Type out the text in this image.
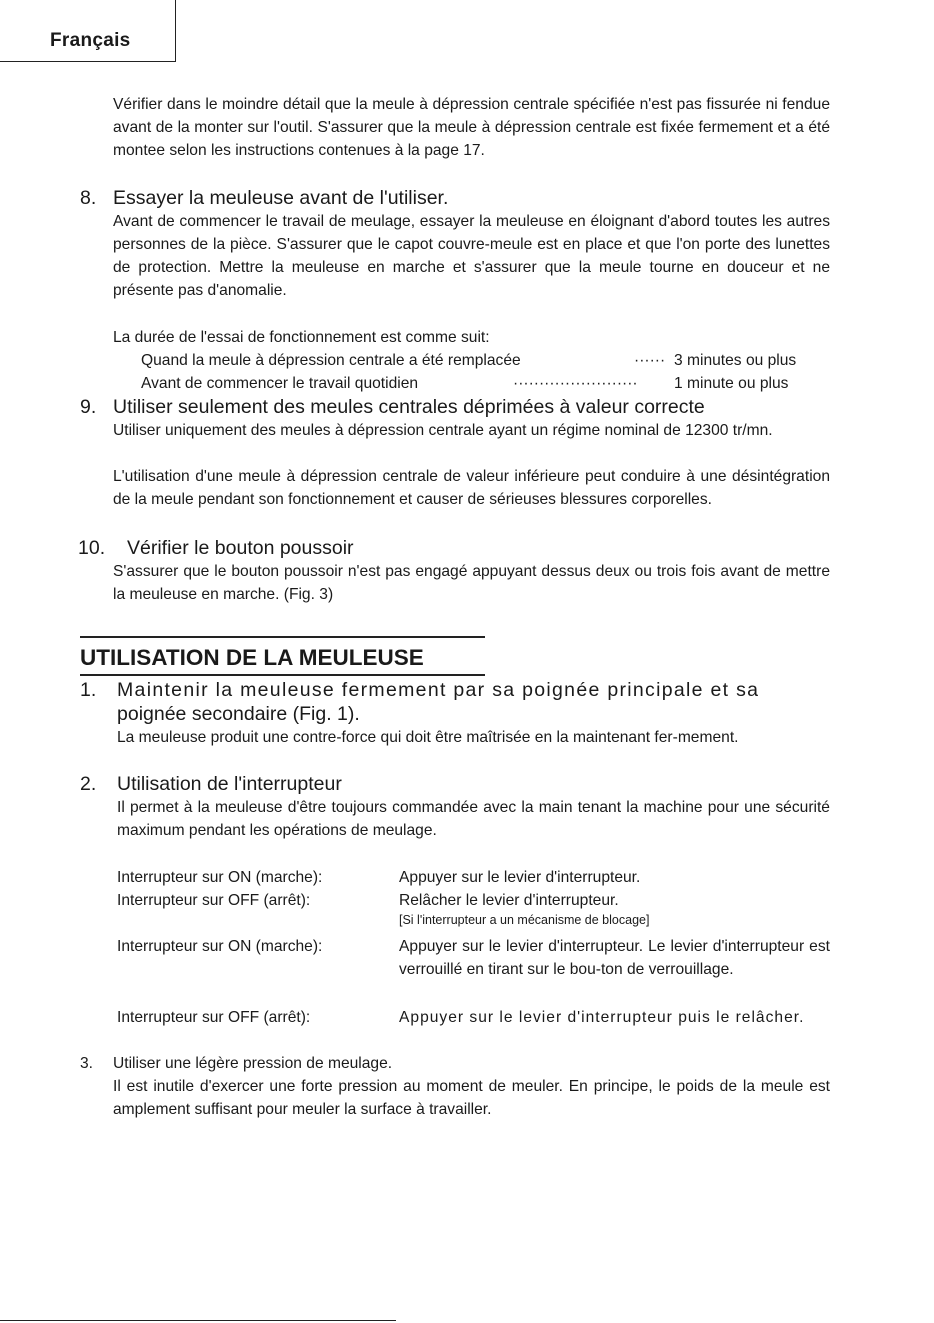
Français

Vérifier dans le moindre détail que la meule à dépression centrale spécifiée n'est pas fissurée ni fendue avant de la monter sur l'outil. S'assurer que la meule à dépression centrale est fixée fermement et a été montee selon les instructions contenues à la page 17.

8. Essayer la meuleuse avant de l'utiliser.

Avant de commencer le travail de meulage, essayer la meuleuse en éloignant d'abord toutes les autres personnes de la pièce. S'assurer que le capot couvre-meule est en place et que l'on porte des lunettes de protection. Mettre la meuleuse en marche et s'assurer que la meule tourne en douceur et ne présente pas d'anomalie.

La durée de l'essai de fonctionnement est comme suit:
Quand la meule à dépression centrale a été remplacée	······ 3 minutes ou plus
Avant de commencer le travail quotidien	························ 1 minute ou plus
9. Utiliser seulement des meules centrales déprimées à valeur correcte

Utiliser uniquement des meules à dépression centrale ayant un régime nominal de 12300 tr/mn.

L'utilisation d'une meule à dépression centrale de valeur inférieure peut conduire à une désintégration de la meule pendant son fonctionnement et causer de sérieuses blessures corporelles.

10. Vérifier le bouton poussoir

S'assurer que le bouton poussoir n'est pas engagé appuyant dessus deux ou trois fois avant de mettre la meuleuse en marche. (Fig. 3)

UTILISATION DE LA MEULEUSE
1. Maintenir la meuleuse fermement par sa poignée principale et sa
poignée secondaire (Fig. 1).

La meuleuse produit une contre-force qui doit être maîtrisée en la maintenant fer-mement.

2. Utilisation de l'interrupteur

Il permet à la meuleuse d'être toujours commandée avec la main tenant la machine pour une sécurité maximum pendant les opérations de meulage.

Interrupteur sur ON (marche):	Appuyer sur le levier d'interrupteur.
Interrupteur sur OFF (arrêt):	Relâcher le levier d'interrupteur.
[Si l'interrupteur a un mécanisme de blocage]
Interrupteur sur ON (marche):	Appuyer sur le levier d'interrupteur. Le levier d'interrupteur est verrouillé en tirant sur le bou-ton de verrouillage.

Interrupteur sur OFF (arrêt):	Appuyer sur le levier d'interrupteur puis le relâcher.

3. Utiliser une légère pression de meulage.

Il est inutile d'exercer une forte pression au moment de meuler. En principe, le poids de la meule est amplement suffisant pour meuler la surface à travailler.
